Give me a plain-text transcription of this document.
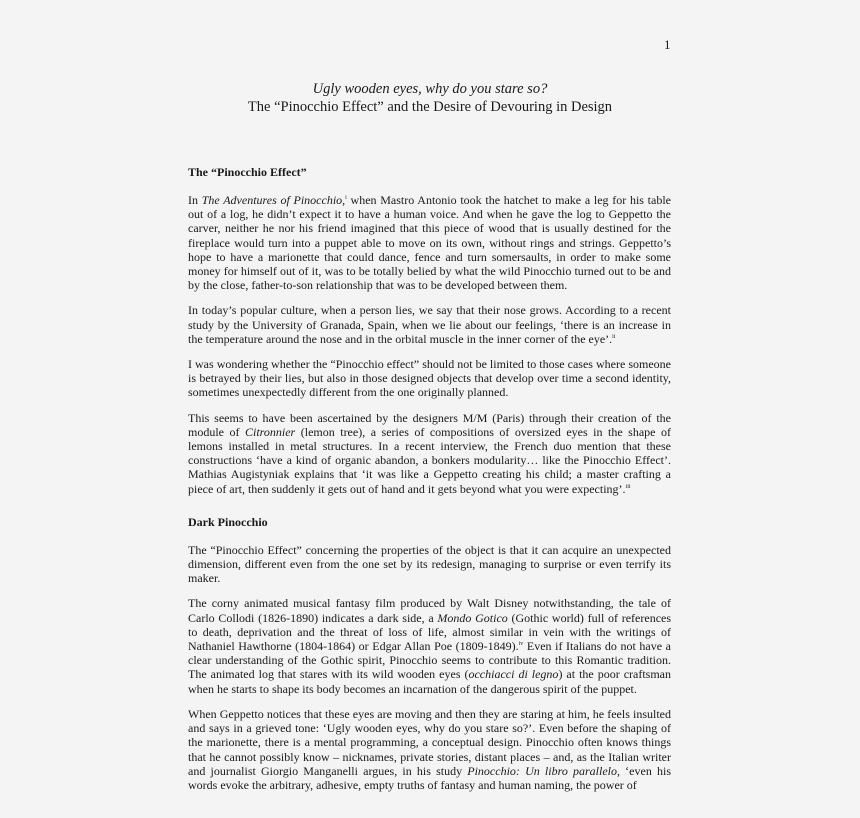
1
Ugly wooden eyes, why do you stare so?
The “Pinocchio Effect” and the Desire of Devouring in Design
The “Pinocchio Effect”

In The Adventures of Pinocchio,$^i$ when Mastro Antonio took the hatchet to make a leg for his table out of a log, he didn’t expect it to have a human voice. And when he gave the log to Geppetto the carver, neither he nor his friend imagined that this piece of wood that is usually destined for the fireplace would turn into a puppet able to move on its own, without rings and strings. Geppetto’s hope to have a marionette that could dance, fence and turn somersaults, in order to make some money for himself out of it, was to be totally belied by what the wild Pinocchio turned out to be and by the close, father-to-son relationship that was to be developed between them.

In today’s popular culture, when a person lies, we say that their nose grows. According to a recent study by the University of Granada, Spain, when we lie about our feelings, ‘there is an increase in the temperature around the nose and in the orbital muscle in the inner corner of the eye’.$^{ii}$

I was wondering whether the “Pinocchio effect” should not be limited to those cases where someone is betrayed by their lies, but also in those designed objects that develop over time a second identity, sometimes unexpectedly different from the one originally planned.

This seems to have been ascertained by the designers M/M (Paris) through their creation of the module of Citronnier (lemon tree), a series of compositions of oversized eyes in the shape of lemons installed in metal structures. In a recent interview, the French duo mention that these constructions ‘have a kind of organic abandon, a bonkers modularity… like the Pinocchio Effect’. Mathias Augistyniak explains that ‘it was like a Geppetto creating his child; a master crafting a piece of art, then suddenly it gets out of hand and it gets beyond what you were expecting’.$^{iii}$

Dark Pinocchio

The “Pinocchio Effect” concerning the properties of the object is that it can acquire an unexpected dimension, different even from the one set by its redesign, managing to surprise or even terrify its maker.

The corny animated musical fantasy film produced by Walt Disney notwithstanding, the tale of Carlo Collodi (1826-1890) indicates a dark side, a Mondo Gotico (Gothic world) full of references to death, deprivation and the threat of loss of life, almost similar in vein with the writings of Nathaniel Hawthorne (1804-1864) or Edgar Allan Poe (1809-1849).$^{iv}$ Even if Italians do not have a clear understanding of the Gothic spirit, Pinocchio seems to contribute to this Romantic tradition. The animated log that stares with its wild wooden eyes (occhiacci di legno) at the poor craftsman when he starts to shape its body becomes an incarnation of the dangerous spirit of the puppet.

When Geppetto notices that these eyes are moving and then they are staring at him, he feels insulted and says in a grieved tone: ‘Ugly wooden eyes, why do you stare so?’. Even before the shaping of the marionette, there is a mental programming, a conceptual design. Pinocchio often knows things that he cannot possibly know – nicknames, private stories, distant places – and, as the Italian writer and journalist Giorgio Manganelli argues, in his study Pinocchio: Un libro parallelo, ‘even his words evoke the arbitrary, adhesive, empty truths of fantasy and human naming, the power of
